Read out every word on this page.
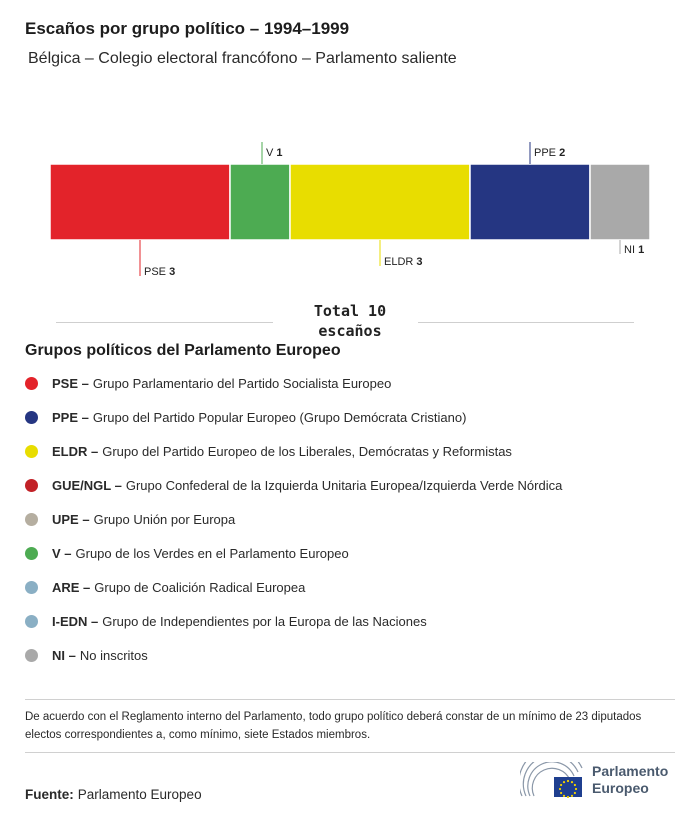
Escaños por grupo político – 1994–1999
Bélgica – Colegio electoral francófono – Parlamento saliente
PSE 3
V 1
ELDR 3
PPE 2
NI 1
Total 10 escaños
Grupos políticos del Parlamento Europeo
PSE – Grupo Parlamentario del Partido Socialista Europeo
PPE – Grupo del Partido Popular Europeo (Grupo Demócrata Cristiano)
ELDR – Grupo del Partido Europeo de los Liberales, Demócratas y Reformistas
GUE/NGL – Grupo Confederal de la Izquierda Unitaria Europea/Izquierda Verde Nórdica
UPE – Grupo Unión por Europa
V – Grupo de los Verdes en el Parlamento Europeo
ARE – Grupo de Coalición Radical Europea
I-EDN – Grupo de Independientes por la Europa de las Naciones
NI – No inscritos
De acuerdo con el Reglamento interno del Parlamento, todo grupo político deberá constar de un mínimo de 23 diputados electos correspondientes a, como mínimo, siete Estados miembros.
Fuente: Parlamento Europeo
Parlamento
Europeo
